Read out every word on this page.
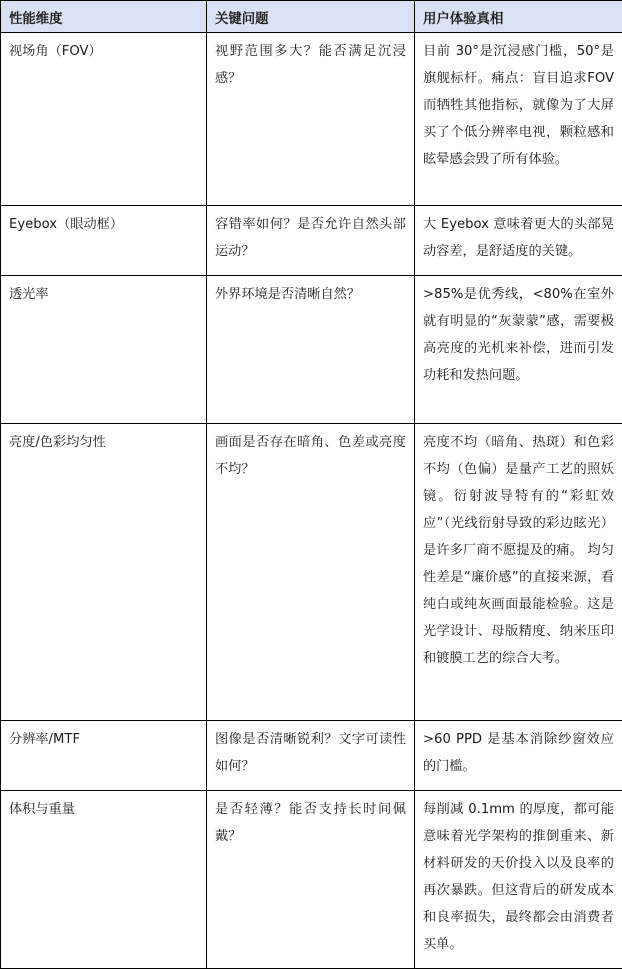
性能维度	关键问题	用户体验真相
视场角（FOV）	视野范围多大？能否满足沉浸感？	目前 30°是沉浸感门槛，50°是旗舰标杆。痛点：盲目追求FOV而牺牲其他指标，就像为了大屏买了个低分辨率电视，颗粒感和眩晕感会毁了所有体验。
Eyebox（眼动框）	容错率如何？是否允许自然头部运动？	大 Eyebox 意味着更大的头部晃动容差，是舒适度的关键。
透光率	外界环境是否清晰自然？	>85%是优秀线，<80%在室外就有明显的“灰蒙蒙”感，需要极高亮度的光机来补偿，进而引发功耗和发热问题。
亮度/色彩均匀性	画面是否存在暗角、色差或亮度不均？	亮度不均（暗角、热斑）和色彩不均（色偏）是量产工艺的照妖镜。衍射波导特有的“彩虹效应”（光线衍射导致的彩边眩光）是许多厂商不愿提及的痛。 均匀性差是“廉价感”的直接来源，看纯白或纯灰画面最能检验。这是光学设计、母版精度、纳米压印和镀膜工艺的综合大考。
分辨率/MTF	图像是否清晰锐利？文字可读性如何？	>60 PPD 是基本消除纱窗效应的门槛。
体积与重量	是否轻薄？能否支持长时间佩戴？	每削减 0.1mm 的厚度，都可能意味着光学架构的推倒重来、新材料研发的天价投入以及良率的再次暴跌。但这背后的研发成本和良率损失，最终都会由消费者买单。
